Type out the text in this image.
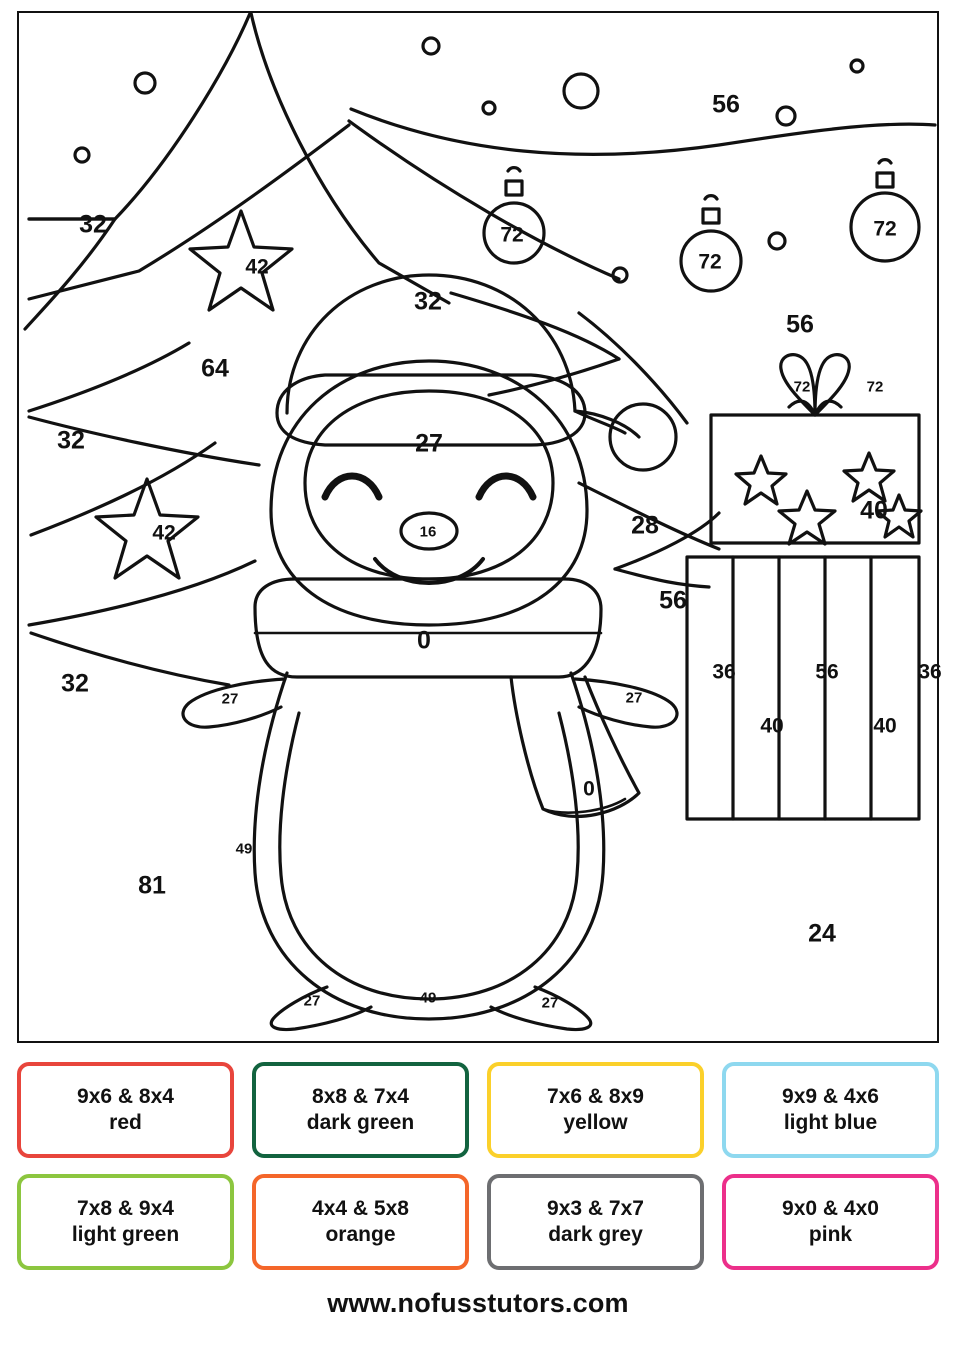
32
42
64
32
42
32
81
56
72
72
72
56
32
27
16
72	72
40
28
0
56
36
40
56
40
36
27	27
0
49
27	49	27
24
9x6 & 8x4
red
8x8 & 7x4
dark green
7x6 & 8x9
yellow
9x9 & 4x6
light blue
7x8 & 9x4
light green
4x4 & 5x8
orange
9x3 & 7x7
dark grey
9x0 & 4x0
pink
www.nofusstutors.com
